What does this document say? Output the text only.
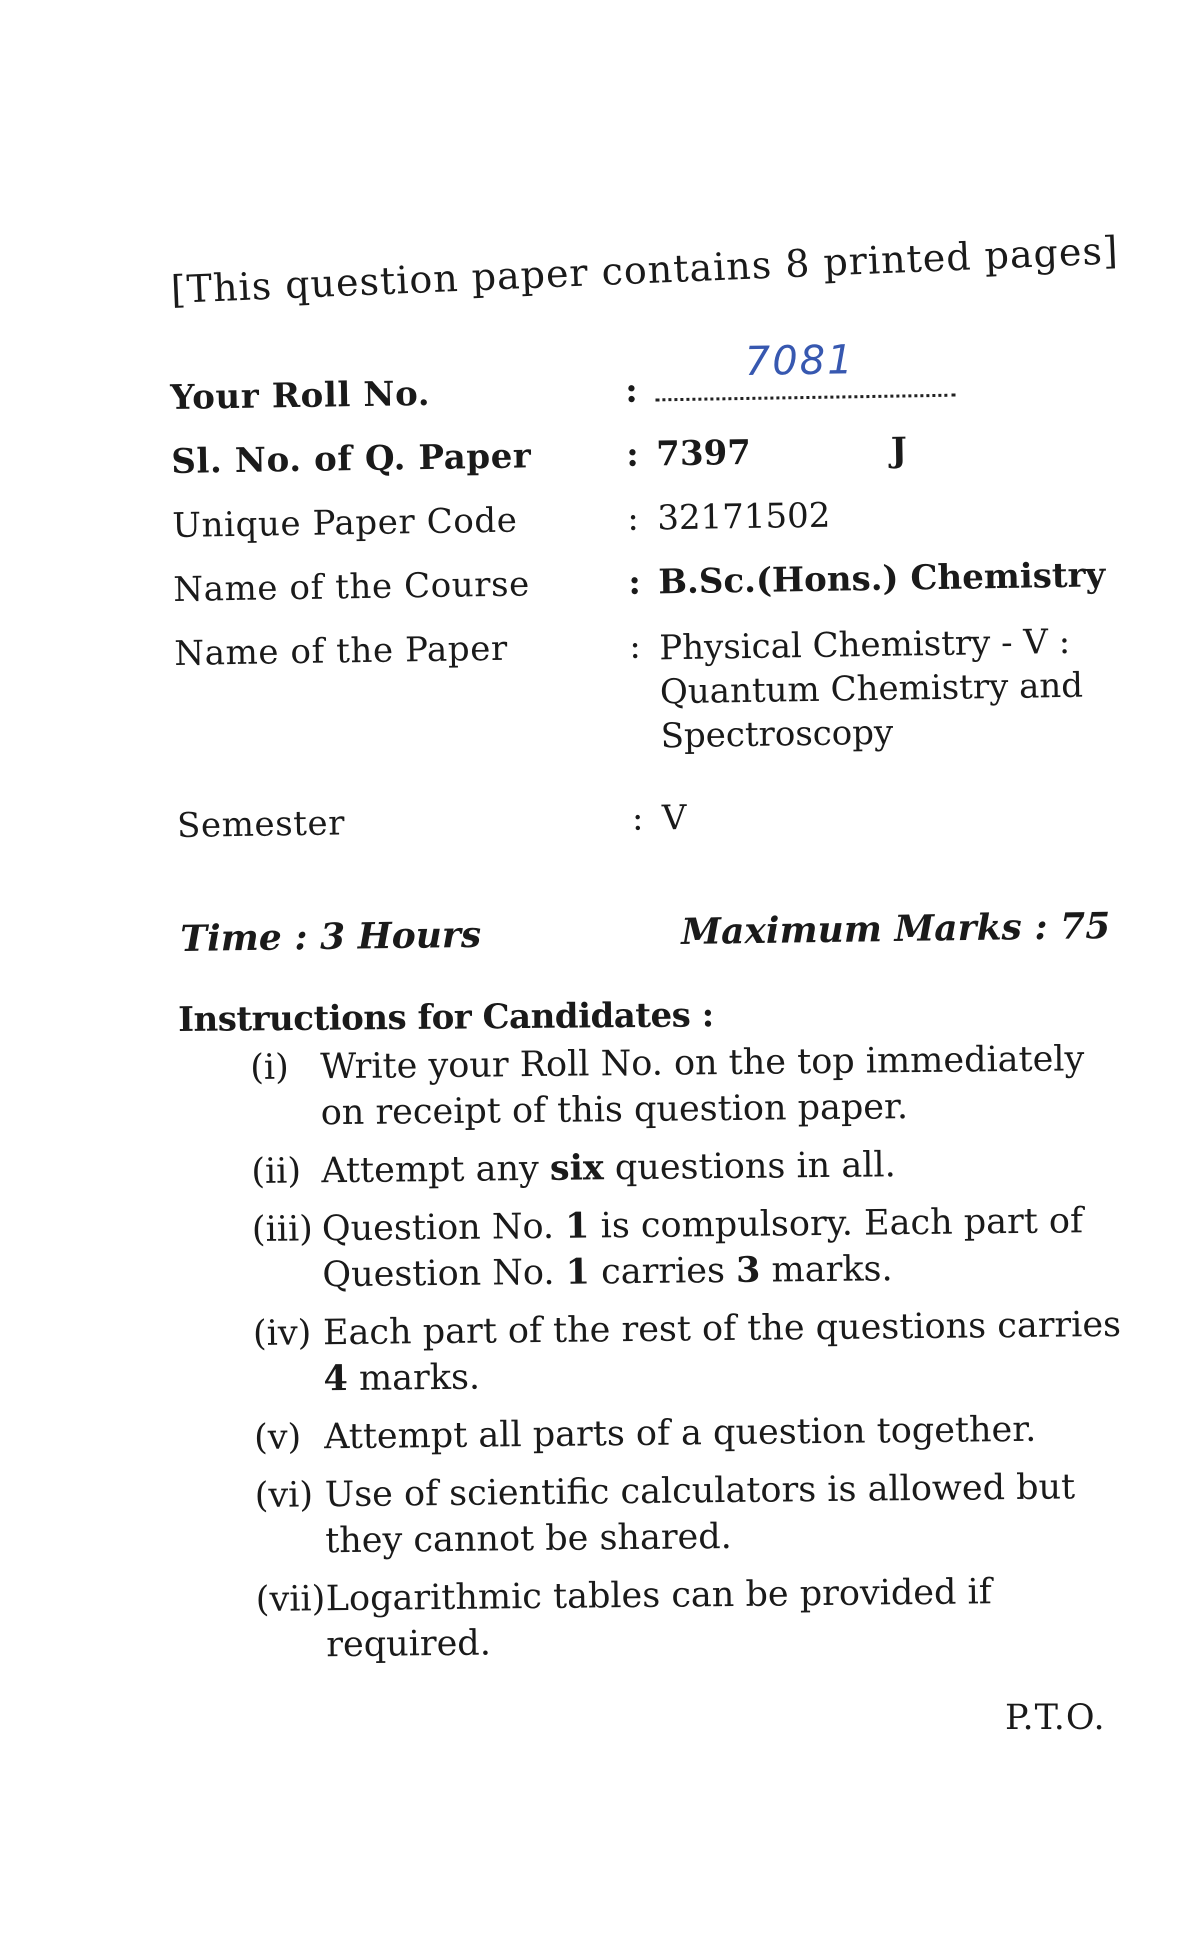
[This question paper contains 8 printed pages]
Your Roll No.	:
7081
Sl. No. of Q. Paper	: 7397	J
Unique Paper Code	: 32171502
Name of the Course	: B.Sc.(Hons.) Chemistry
Name of the Paper	: Physical Chemistry - V : Quantum Chemistry and Spectroscopy
Semester	: V
Time : 3 Hours	Maximum Marks : 75
Instructions for Candidates :
(i) Write your Roll No. on the top immediately on receipt of this question paper.
(ii) Attempt any six questions in all.
(iii) Question No. 1 is compulsory. Each part of Question No. 1 carries 3 marks.
(iv) Each part of the rest of the questions carries 4 marks.
(v) Attempt all parts of a question together.
(vi) Use of scientific calculators is allowed but they cannot be shared.
(vii) Logarithmic tables can be provided if required.
P.T.O.
